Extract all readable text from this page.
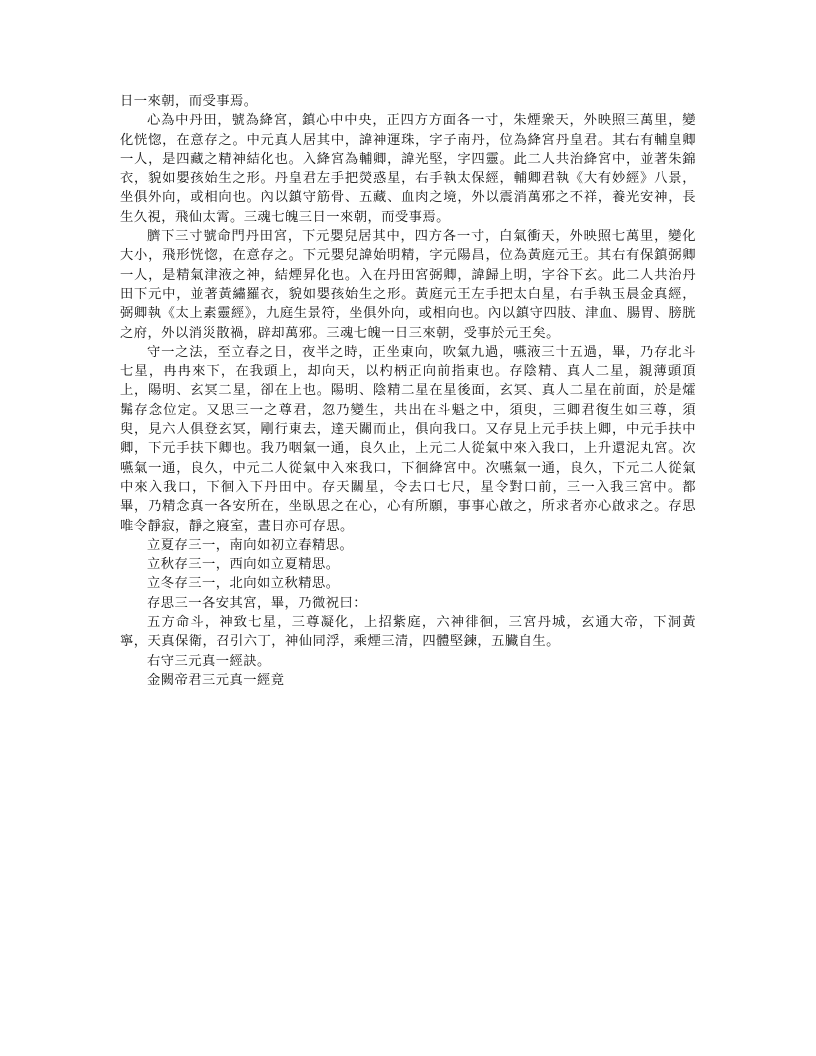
日一來朝，而受事焉。

心為中丹田，號為絳宮，鎮心中中央，正四方方面各一寸，朱煙衆天，外映照三萬里，變化恍惚，在意存之。中元真人居其中，諱神運珠，字子南丹，位為絳宮丹皇君。其右有輔皇卿一人，是四藏之精神結化也。入絳宮為輔卿，諱光堅，字四靈。此二人共治絳宮中，並著朱錦衣，貌如嬰孩始生之形。丹皇君左手把熒惑星，右手執太保經，輔卿君執《大有妙經》八景，坐俱外向，或相向也。內以鎮守筋骨、五藏、血肉之境，外以震消萬邪之不祥，養光安神，長生久視，飛仙太霄。三魂七魄三日一來朝，而受事焉。

臍下三寸號命門丹田宮，下元嬰兒居其中，四方各一寸，白氣衝天，外映照七萬里，變化大小，飛形恍惚，在意存之。下元嬰兒諱始明精，字元陽昌，位為黃庭元王。其右有保鎮弼卿一人，是精氣津液之神，結煙昇化也。入在丹田宮弼卿，諱歸上明，字谷下玄。此二人共治丹田下元中，並著黃繡羅衣，貌如嬰孩始生之形。黃庭元王左手把太白星，右手執玉晨金真經，弼卿執《太上素靈經》，九庭生景符，坐俱外向，或相向也。內以鎮守四肢、津血、腸胃、膀胱之府，外以消災散禍，辟却萬邪。三魂七魄一日三來朝，受事於元王矣。

守一之法，至立春之日，夜半之時，正坐東向，吹氣九過，嚥液三十五過，畢，乃存北斗七星，冉冉來下，在我頭上，却向天，以杓柄正向前指東也。存陰精、真人二星，親薄頭頂上，陽明、玄冥二星，卻在上也。陽明、陰精二星在星後面，玄冥、真人二星在前面，於是㸌髴存念位定。又思三一之尊君，忽乃變生，共出在斗魁之中，須臾，三卿君復生如三尊，須臾，見六人俱登玄冥，剛行東去，達天關而止，俱向我口。又存見上元手扶上卿，中元手扶中卿，下元手扶下卿也。我乃咽氣一通，良久止，上元二人從氣中來入我口，上升還泥丸宮。次嚥氣一通，良久，中元二人從氣中入來我口，下徊絳宮中。次嚥氣一通，良久，下元二人從氣中來入我口，下徊入下丹田中。存天關星，令去口七尺，星令對口前，三一入我三宮中。都畢，乃精念真一各安所在，坐臥思之在心，心有所願，事事心啟之，所求者亦心啟求之。存思唯令靜寂，靜之寢室，晝日亦可存思。

立夏存三一，南向如初立春精思。

立秋存三一，西向如立夏精思。

立冬存三一，北向如立秋精思。

存思三一各安其宮，畢，乃微祝曰：

五方命斗，神致七星，三尊凝化，上招紫庭，六神徘徊，三宮丹城，玄通大帝，下洞黃寧，天真保衛，召引六丁，神仙同浮，乘煙三清，四體堅鍊，五臟自生。

右守三元真一經訣。

金闕帝君三元真一經竟
